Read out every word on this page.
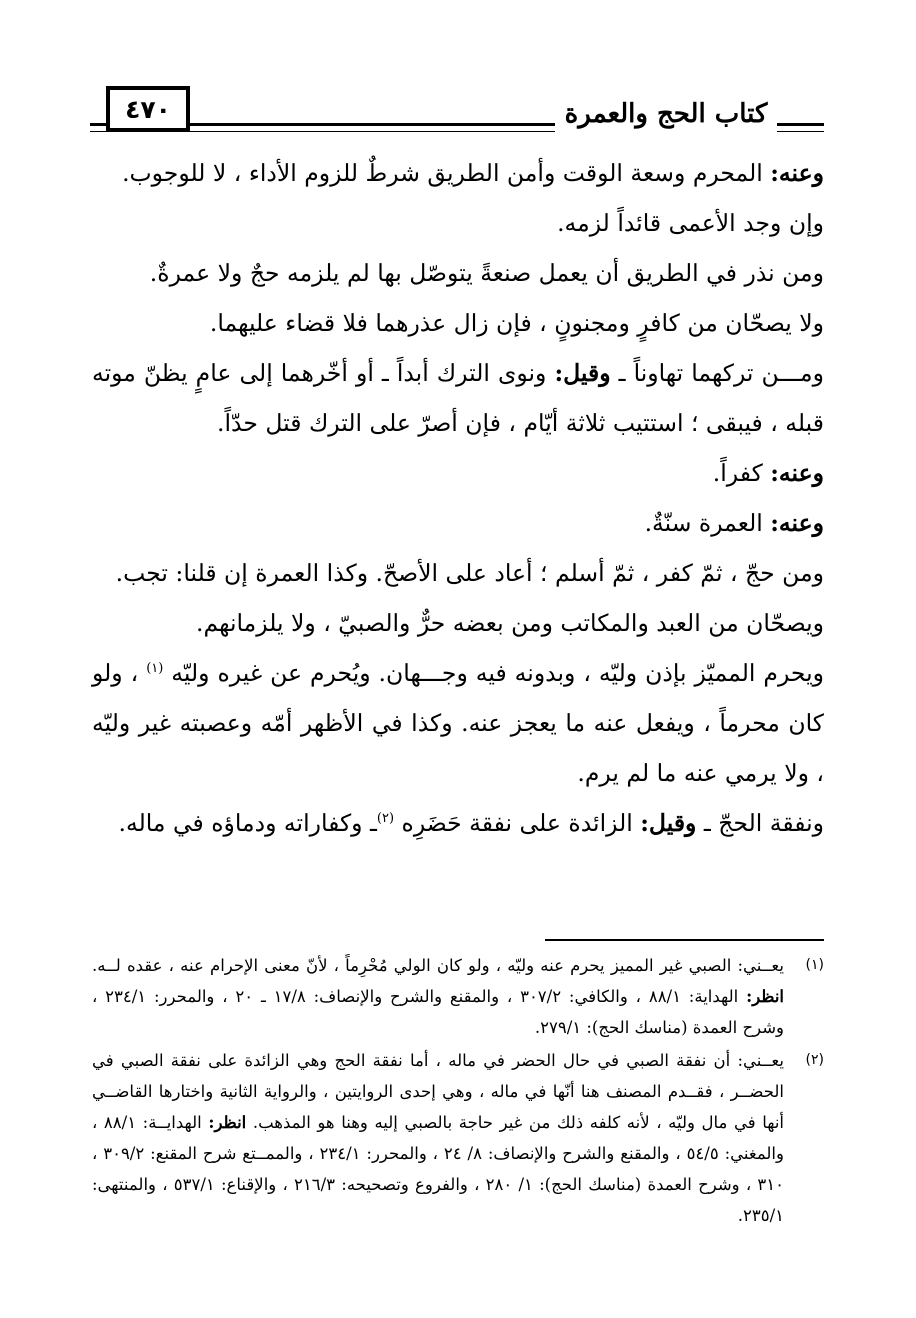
٤٧٠	كتاب الحج والعمرة

وعنه: المحرم وسعة الوقت وأمن الطريق شرطٌ للزوم الأداء ، لا للوجوب.

وإن وجد الأعمى قائداً لزمه.

ومن نذر في الطريق أن يعمل صنعةً يتوصّل بها لم يلزمه حجٌ ولا عمرةٌ.

ولا يصحّان من كافرٍ ومجنونٍ ، فإن زال عذرهما فلا قضاء عليهما.

ومـــن تركهما تهاوناً ـ وقيل: ونوى الترك أبداً ـ أو أخّرهما إلى عامٍ يظنّ موته قبله ، فيبقى ؛ استتيب ثلاثة أيّام ، فإن أصرّ على الترك قتل حدّاً.

وعنه: كفراً.

وعنه: العمرة سنّةٌ.

ومن حجّ ، ثمّ كفر ، ثمّ أسلم ؛ أعاد على الأصحّ. وكذا العمرة إن قلنا: تجب.

ويصحّان من العبد والمكاتب ومن بعضه حرٌّ والصبيّ ، ولا يلزمانهم.

ويحرم المميّز بإذن وليّه ، وبدونه فيه وجـــهان. ويُحرم عن غيره وليّه $^{(١)}$ ، ولو كان محرماً ، ويفعل عنه ما يعجز عنه. وكذا في الأظهر أمّه وعصبته غير وليّه ، ولا يرمي عنه ما لم يرم.

ونفقة الحجّ ـ وقيل: الزائدة على نفقة حَضَرِه $^{(٢)}$ـ وكفاراته ودماؤه في ماله.

(١)
يعــني: الصبي غير المميز يحرم عنه وليّه ، ولو كان الولي مُحْرِماً ، لأنّ معنى الإحرام عنه ، عقده لــه. انظر: الهداية: ٨٨/١ ، والكافي: ٣٠٧/٢ ، والمقنع والشرح والإنصاف: ١٧/٨ ـ ٢٠ ، والمحرر: ٢٣٤/١ ، وشرح العمدة (مناسك الحج): ٢٧٩/١.
(٢)
يعــني: أن نفقة الصبي في حال الحضر في ماله ، أما نفقة الحج وهي الزائدة على نفقة الصبي في الحضــر ، فقــدم المصنف هنا أنّها في ماله ، وهي إحدى الروايتين ، والرواية الثانية واختارها القاضــي أنها في مال وليّه ، لأنه كلفه ذلك من غير حاجة بالصبي إليه وهنا هو المذهب. انظر: الهدايــة: ٨٨/١ ، والمغني: ٥٤/٥ ، والمقنع والشرح والإنصاف: ٨/ ٢٤ ، والمحرر: ٢٣٤/١ ، والممــتع شرح المقنع: ٣٠٩/٢ ، ٣١٠ ، وشرح العمدة (مناسك الحج): ١/ ٢٨٠ ، والفروع وتصحيحه: ٢١٦/٣ ، والإقناع: ٥٣٧/١ ، والمنتهى: ٢٣٥/١.
